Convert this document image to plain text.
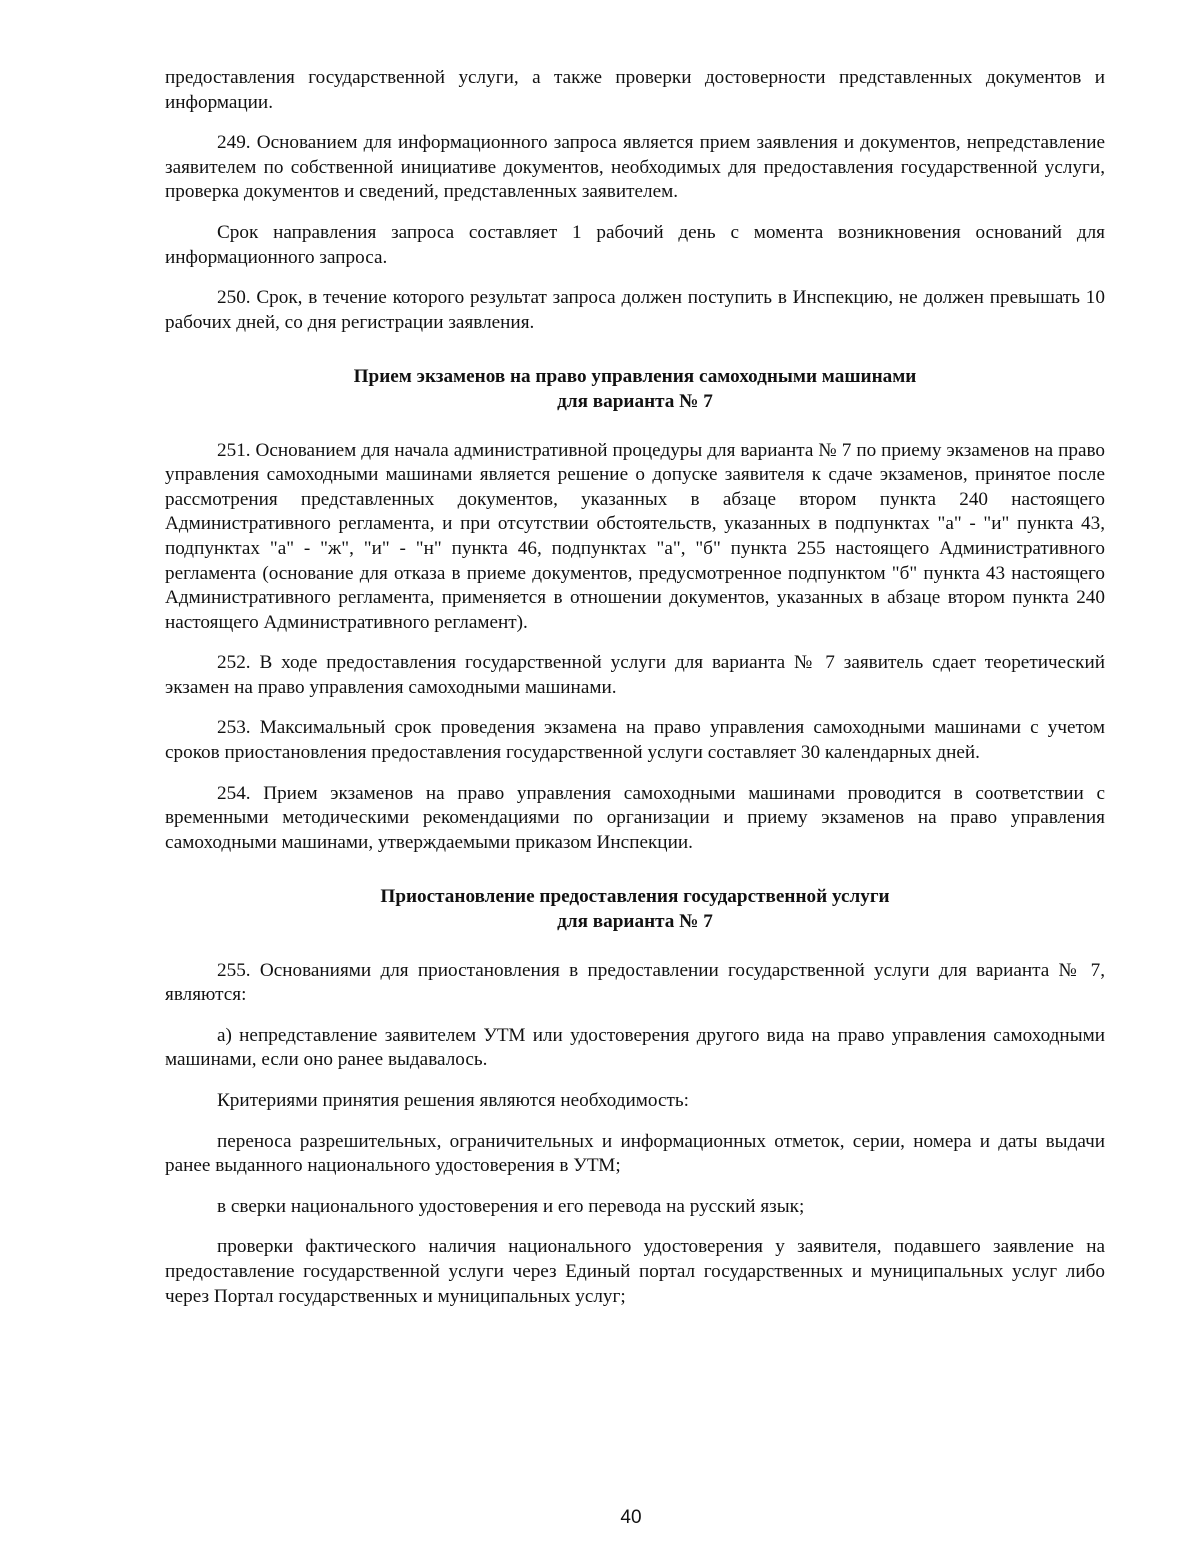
предоставления государственной услуги, а также проверки достоверности представленных документов и информации.

249. Основанием для информационного запроса является прием заявления и документов, непредставление заявителем по собственной инициативе документов, необходимых для предоставления государственной услуги, проверка документов и сведений, представленных заявителем.

Срок направления запроса составляет 1 рабочий день с момента возникновения оснований для информационного запроса.

250. Срок, в течение которого результат запроса должен поступить в Инспекцию, не должен превышать 10 рабочих дней, со дня регистрации заявления.

Прием экзаменов на право управления самоходными машинами
для варианта № 7

251. Основанием для начала административной процедуры для варианта № 7 по приему экзаменов на право управления самоходными машинами является решение о допуске заявителя к сдаче экзаменов, принятое после рассмотрения представленных документов, указанных в абзаце втором пункта 240 настоящего Административного регламента, и при отсутствии обстоятельств, указанных в подпунктах "а" - "и" пункта 43, подпунктах "а" - "ж", "и" - "н" пункта 46, подпунктах "а", "б" пункта 255 настоящего Административного регламента (основание для отказа в приеме документов, предусмотренное подпунктом "б" пункта 43 настоящего Административного регламента, применяется в отношении документов, указанных в абзаце втором пункта 240 настоящего Административного регламент).

252. В ходе предоставления государственной услуги для варианта № 7 заявитель сдает теоретический экзамен на право управления самоходными машинами.

253. Максимальный срок проведения экзамена на право управления самоходными машинами с учетом сроков приостановления предоставления государственной услуги составляет 30 календарных дней.

254. Прием экзаменов на право управления самоходными машинами проводится в соответствии с временными методическими рекомендациями по организации и приему экзаменов на право управления самоходными машинами, утверждаемыми приказом Инспекции.

Приостановление предоставления государственной услуги
для варианта № 7

255. Основаниями для приостановления в предоставлении государственной услуги для варианта № 7, являются:

а) непредставление заявителем УТМ или удостоверения другого вида на право управления самоходными машинами, если оно ранее выдавалось.

Критериями принятия решения являются необходимость:

переноса разрешительных, ограничительных и информационных отметок, серии, номера и даты выдачи ранее выданного национального удостоверения в УТМ;

в сверки национального удостоверения и его перевода на русский язык;

проверки фактического наличия национального удостоверения у заявителя, подавшего заявление на предоставление государственной услуги через Единый портал государственных и муниципальных услуг либо через Портал государственных и муниципальных услуг;

40
